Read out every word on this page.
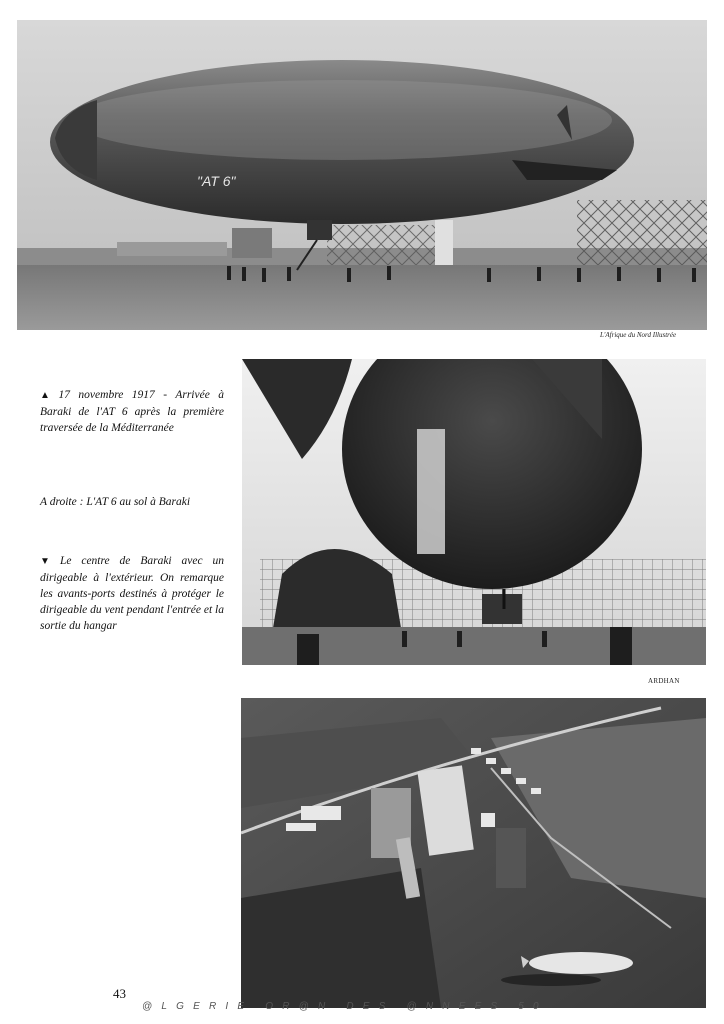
"AT 6"
L'Afrique du Nord Illustrée
ARDHAN
▲ 17 novembre 1917 - Arrivée à Baraki de l'AT 6 après la première traversée de la Méditerranée
A droite : L'AT 6 au sol à Baraki
▼ Le centre de Baraki avec un dirigeable à l'extérieur. On remarque les avants-ports destinés à protéger le dirigeable du vent pendant l'entrée et la sortie du hangar
43
@LGERIE OR@N DES @NNEES 50
